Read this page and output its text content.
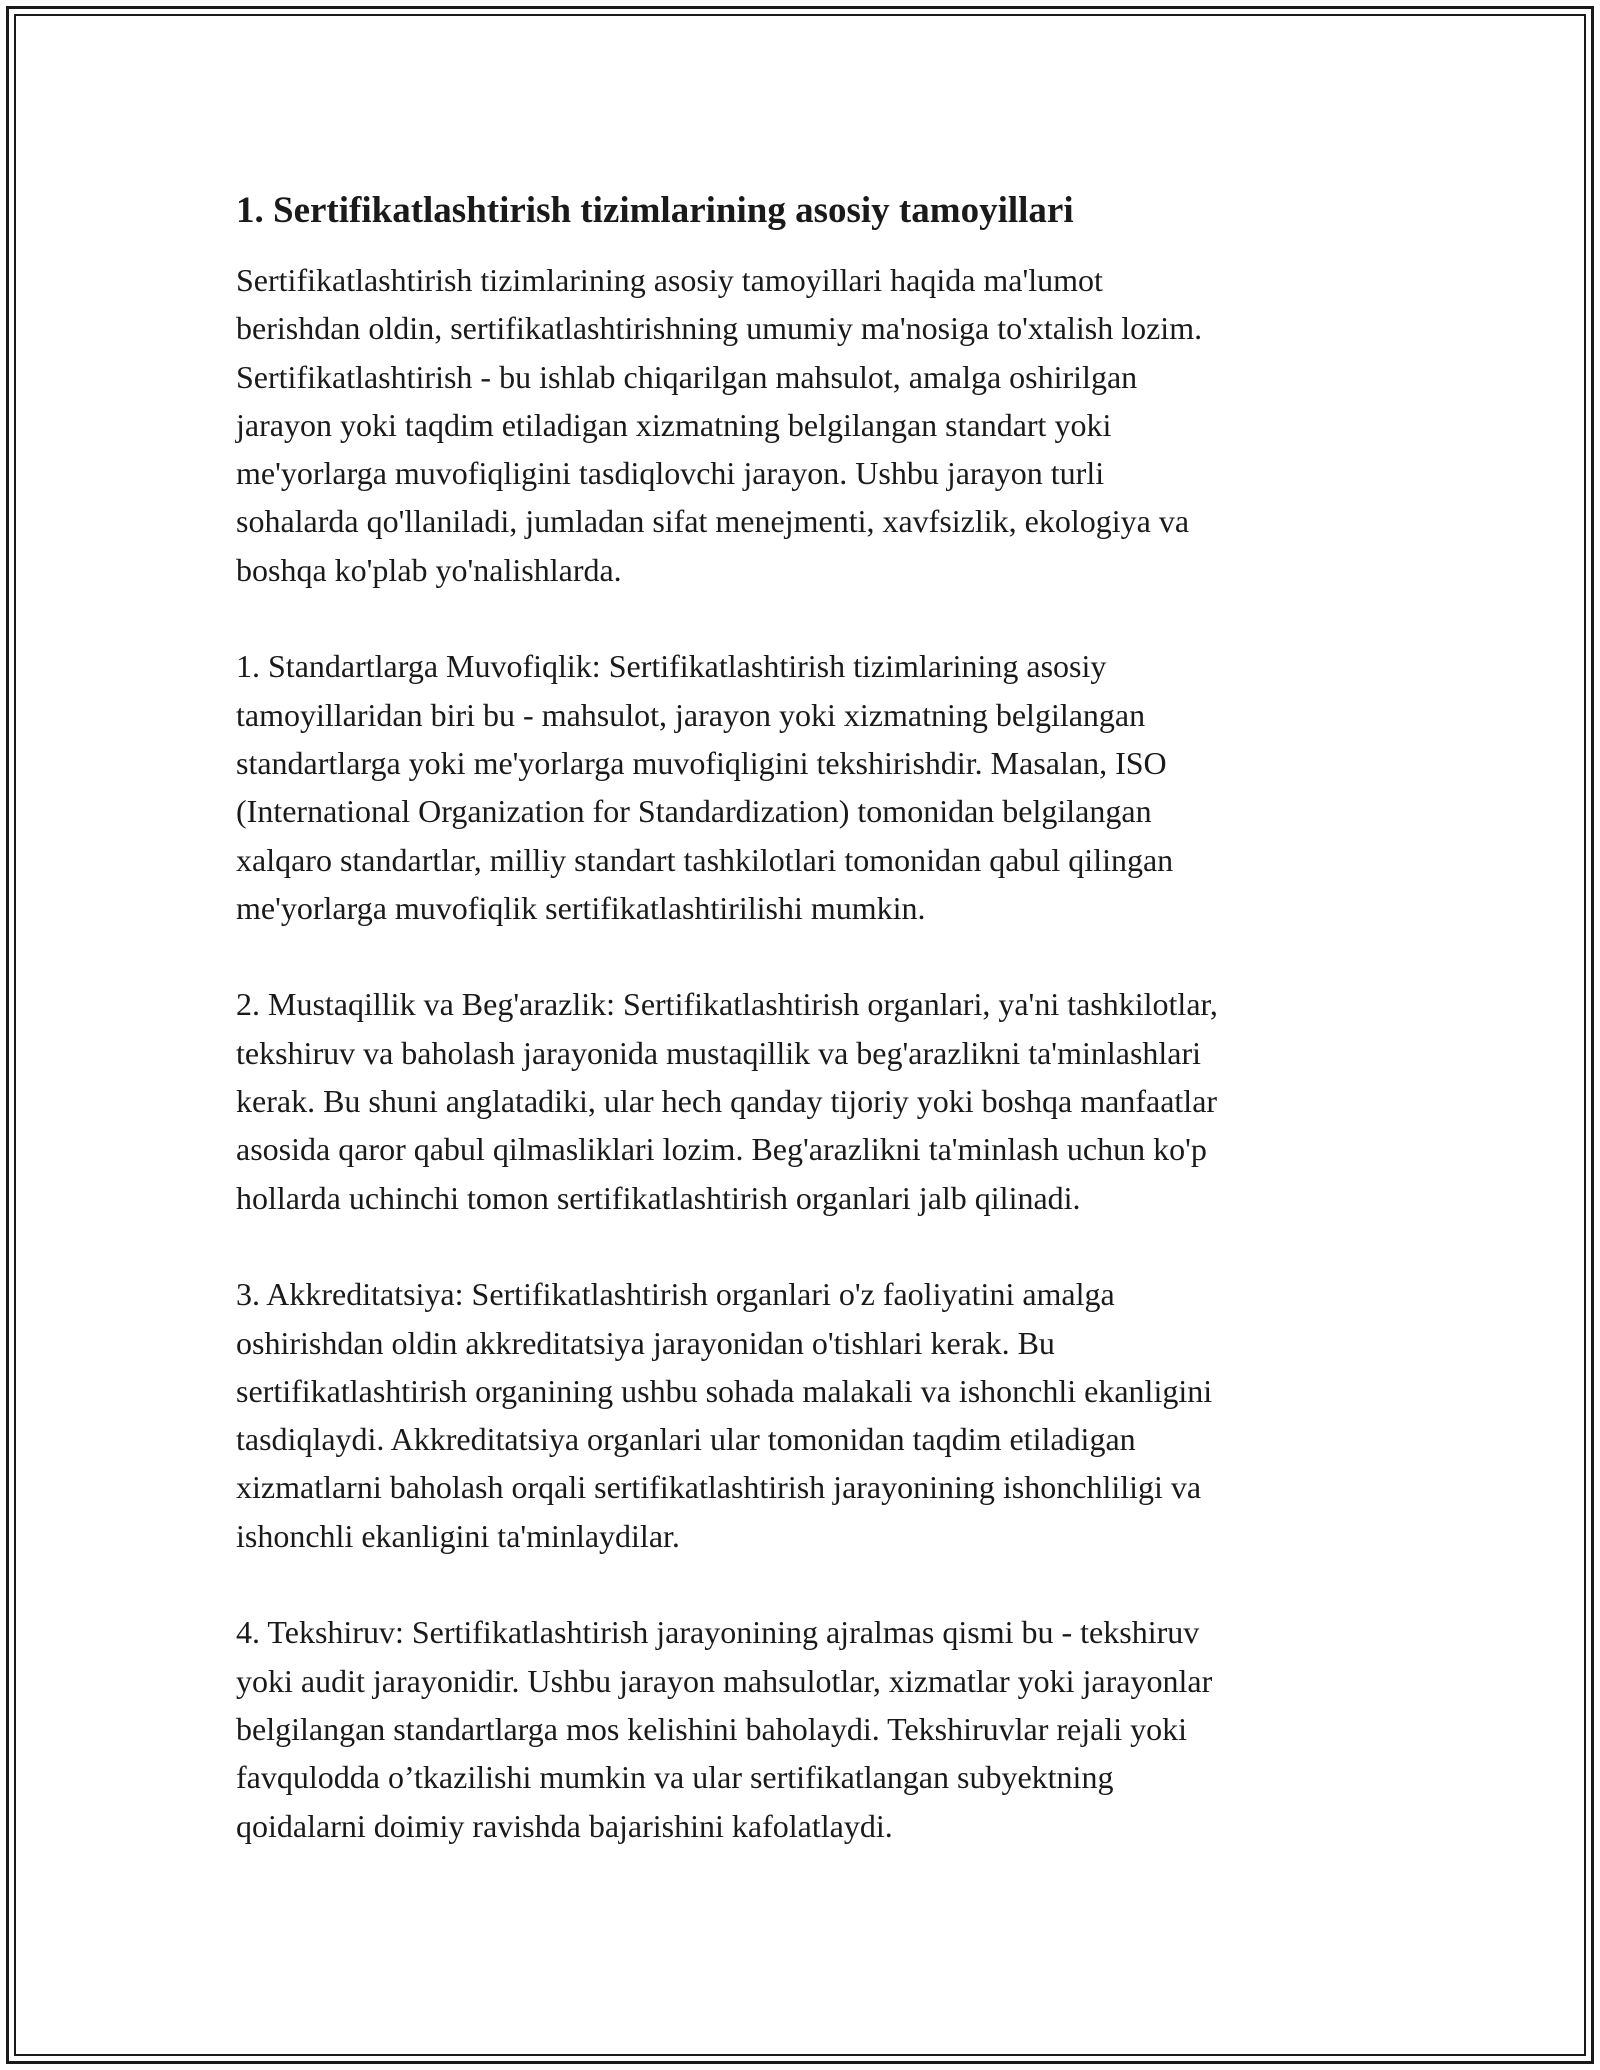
1. Sertifikatlashtirish tizimlarining asosiy tamoyillari

Sertifikatlashtirish tizimlarining asosiy tamoyillari haqida ma'lumot
berishdan oldin, sertifikatlashtirishning umumiy ma'nosiga to'xtalish lozim.
Sertifikatlashtirish - bu ishlab chiqarilgan mahsulot, amalga oshirilgan
jarayon yoki taqdim etiladigan xizmatning belgilangan standart yoki
me'yorlarga muvofiqligini tasdiqlovchi jarayon. Ushbu jarayon turli
sohalarda qo'llaniladi, jumladan sifat menejmenti, xavfsizlik, ekologiya va
boshqa ko'plab yo'nalishlarda.

1. Standartlarga Muvofiqlik: Sertifikatlashtirish tizimlarining asosiy
tamoyillaridan biri bu - mahsulot, jarayon yoki xizmatning belgilangan
standartlarga yoki me'yorlarga muvofiqligini tekshirishdir. Masalan, ISO
(International Organization for Standardization) tomonidan belgilangan
xalqaro standartlar, milliy standart tashkilotlari tomonidan qabul qilingan
me'yorlarga muvofiqlik sertifikatlashtirilishi mumkin.

2. Mustaqillik va Beg'arazlik: Sertifikatlashtirish organlari, ya'ni tashkilotlar,
tekshiruv va baholash jarayonida mustaqillik va beg'arazlikni ta'minlashlari
kerak. Bu shuni anglatadiki, ular hech qanday tijoriy yoki boshqa manfaatlar
asosida qaror qabul qilmasliklari lozim. Beg'arazlikni ta'minlash uchun ko'p
hollarda uchinchi tomon sertifikatlashtirish organlari jalb qilinadi.

3. Akkreditatsiya: Sertifikatlashtirish organlari o'z faoliyatini amalga
oshirishdan oldin akkreditatsiya jarayonidan o'tishlari kerak. Bu
sertifikatlashtirish organining ushbu sohada malakali va ishonchli ekanligini
tasdiqlaydi. Akkreditatsiya organlari ular tomonidan taqdim etiladigan
xizmatlarni baholash orqali sertifikatlashtirish jarayonining ishonchliligi va
ishonchli ekanligini ta'minlaydilar.

4. Tekshiruv: Sertifikatlashtirish jarayonining ajralmas qismi bu - tekshiruv
yoki audit jarayonidir. Ushbu jarayon mahsulotlar, xizmatlar yoki jarayonlar
belgilangan standartlarga mos kelishini baholaydi. Tekshiruvlar rejali yoki
favqulodda o’tkazilishi mumkin va ular sertifikatlangan subyektning
qoidalarni doimiy ravishda bajarishini kafolatlaydi.
